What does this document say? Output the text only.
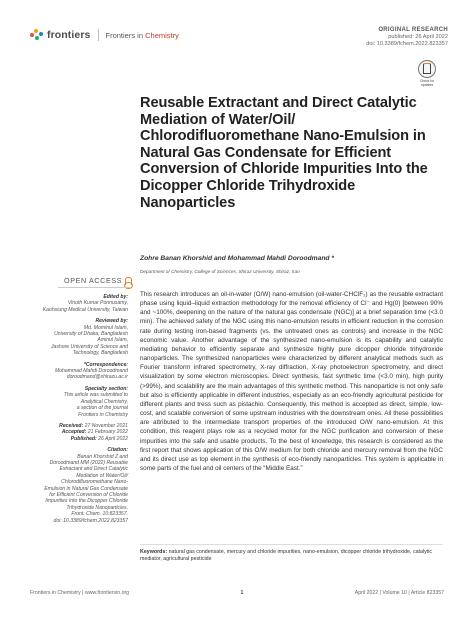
frontiers Frontiers in Chemistry
ORIGINAL RESEARCH
published: 26 April 2022
doi: 10.3389/fchem.2022.823357
Check for
updates
Reusable Extractant and Direct Catalytic Mediation of Water/Oil/ Chlorodifluoromethane Nano-Emulsion in Natural Gas Condensate for Efficient Conversion of Chloride Impurities Into the Dicopper Chloride Trihydroxide Nanoparticles
Zohre Banan Khorshid and Mohammad Mahdi Doroodmand *
Department of Chemistry, College of Sciences, Shiraz University, Shiraz, Iran
OPEN ACCESS
Edited by:
Vinoth Kumar Ponnusamy,
Kaohsiung Medical University, Taiwan
Reviewed by:
Md. Mominul Islam,
University of Dhaka, Bangladesh
Aminul Islam,
Jashore University of Science and
Technology, Bangladesh
*Correspondence:
Mohammad Mahdi Doroodmand
doroodmand@shirazu.ac.ir
Specialty section:
This article was submitted to
Analytical Chemistry,
a section of the journal
Frontiers in Chemistry
Received: 27 November 2021
Accepted: 21 February 2022
Published: 26 April 2022
Citation:
Banan Khorshid Z and
Doroodmand MM (2022) Reusable
Extractant and Direct Catalytic
Mediation of Water/Oil/
Chlorodifluoromethane Nano-
Emulsion in Natural Gas Condensate
for Efficient Conversion of Chloride
Impurities Into the Dicopper Chloride
Trihydroxide Nanoparticles.
Front. Chem. 10:823357.
doi: 10.3389/fchem.2022.823357
This research introduces an oil-in-water (O/W) nano-emulsion (oil-water-CHClF₂) as the reusable extractant phase using liquid–liquid extraction methodology for the removal efficiency of Cl⁻ and Hg(0) [between 90% and ~100%, deepening on the nature of the natural gas condensate (NGC)] at a brief separation time (<3.0 min). The achieved safety of the NGC using this nano-emulsion results in efficient reduction in the corrosion rate during testing iron-based fragments (vs. the untreated ones as controls) and increase in the NGC economic value. Another advantage of the synthesized nano-emulsion is its capability and catalytic mediating behavior to efficiently separate and synthesize highly pure dicopper chloride trihydroxide nanoparticles. The synthesized nanoparticles were characterized by different analytical methods such as Fourier transform infrared spectrometry, X-ray diffraction, X-ray photoelectron spectrometry, and direct visualization by some electron microscopies. Direct synthesis, fast synthetic time (<3.0 min), high purity (>99%), and scalability are the main advantages of this synthetic method. This nanoparticle is not only safe but also is efficiently applicable in different industries, especially as an eco-friendly agricultural pesticide for different plants and tress such as pistachio. Consequently, this method is accepted as direct, simple, low-cost, and scalable conversion of some upstream industries with the downstream ones. All these possibilities are attributed to the intermediate transport properties of the introduced O/W nano-emulsion. At this condition, this reagent plays role as a recycled motor for the NGC purification and conversion of these impurities into the safe and usable products. To the best of knowledge, this research is considered as the first report that shows application of this O/W medium for both chloride and mercury removal from the NGC and its direct use as top element in the synthesis of eco-friendly nanoparticles. This system is applicable in some parts of the fuel and oil centers of the “Middle East.”
Keywords: natural gas condensate, mercury and chloride impurities, nano-emulsion, dicopper chloride trihydroxide, catalytic mediator, agricultural pesticide
Frontiers in Chemistry | www.frontiersin.org	1	April 2022 | Volume 10 | Article 823357
